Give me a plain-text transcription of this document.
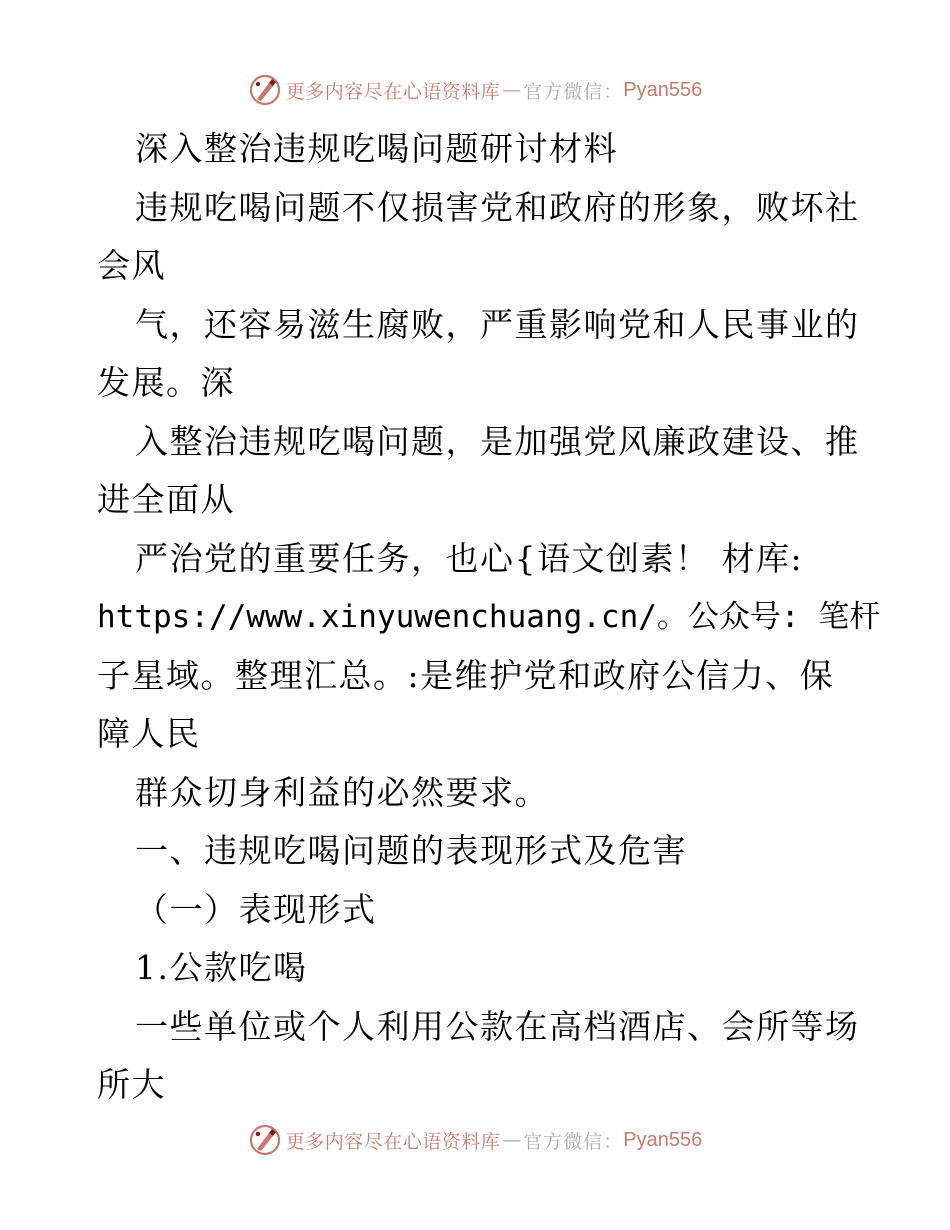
更多内容尽在心语资料库 — 官方微信： Pyan556
深入整治违规吃喝问题研讨材料
违规吃喝问题不仅损害党和政府的形象，败坏社
会风
气，还容易滋生腐败，严重影响党和人民事业的
发展。深
入整治违规吃喝问题，是加强党风廉政建设、推
进全面从
严治党的重要任务，也心{语文创素！ 材库:
https://www.xinyuwenchuang.cn/。公众号: 笔杆
子星域。整理汇总。:是维护党和政府公信力、保
障人民
群众切身利益的必然要求。
一、违规吃喝问题的表现形式及危害
（一）表现形式
1.公款吃喝
一些单位或个人利用公款在高档酒店、会所等场
所大
更多内容尽在心语资料库 — 官方微信： Pyan556
